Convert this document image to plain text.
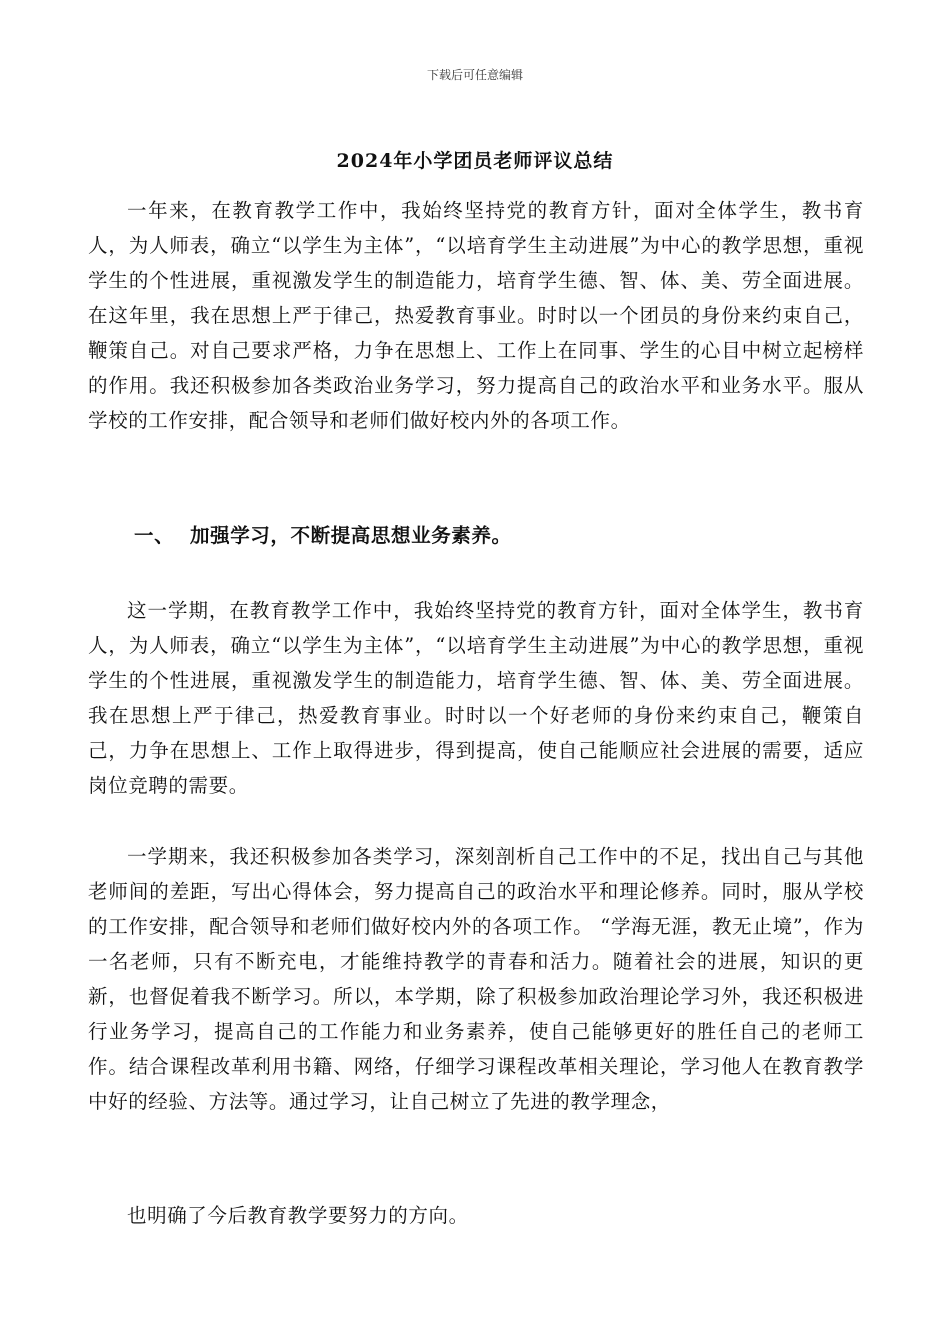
下载后可任意编辑
2024年小学团员老师评议总结

一年来，在教育教学工作中，我始终坚持党的教育方针，面对全体学生，教书育人，为人师表，确立“以学生为主体”，“以培育学生主动进展”为中心的教学思想，重视学生的个性进展，重视激发学生的制造能力，培育学生德、智、体、美、劳全面进展。在这年里，我在思想上严于律己，热爱教育事业。时时以一个团员的身份来约束自己，鞭策自己。对自己要求严格，力争在思想上、工作上在同事、学生的心目中树立起榜样的作用。我还积极参加各类政治业务学习，努力提高自己的政治水平和业务水平。服从学校的工作安排，配合领导和老师们做好校内外的各项工作。

一、 加强学习，不断提高思想业务素养。

这一学期，在教育教学工作中，我始终坚持党的教育方针，面对全体学生，教书育人，为人师表，确立“以学生为主体”，“以培育学生主动进展”为中心的教学思想，重视学生的个性进展，重视激发学生的制造能力，培育学生德、智、体、美、劳全面进展。我在思想上严于律己，热爱教育事业。时时以一个好老师的身份来约束自己，鞭策自己，力争在思想上、工作上取得进步，得到提高，使自己能顺应社会进展的需要，适应岗位竞聘的需要。

一学期来，我还积极参加各类学习，深刻剖析自己工作中的不足，找出自己与其他老师间的差距，写出心得体会，努力提高自己的政治水平和理论修养。同时，服从学校的工作安排，配合领导和老师们做好校内外的各项工作。 “学海无涯，教无止境”，作为一名老师，只有不断充电，才能维持教学的青春和活力。随着社会的进展，知识的更新，也督促着我不断学习。所以，本学期，除了积极参加政治理论学习外，我还积极进行业务学习，提高自己的工作能力和业务素养，使自己能够更好的胜任自己的老师工作。结合课程改革利用书籍、网络，仔细学习课程改革相关理论，学习他人在教育教学中好的经验、方法等。通过学习，让自己树立了先进的教学理念，

也明确了今后教育教学要努力的方向。
